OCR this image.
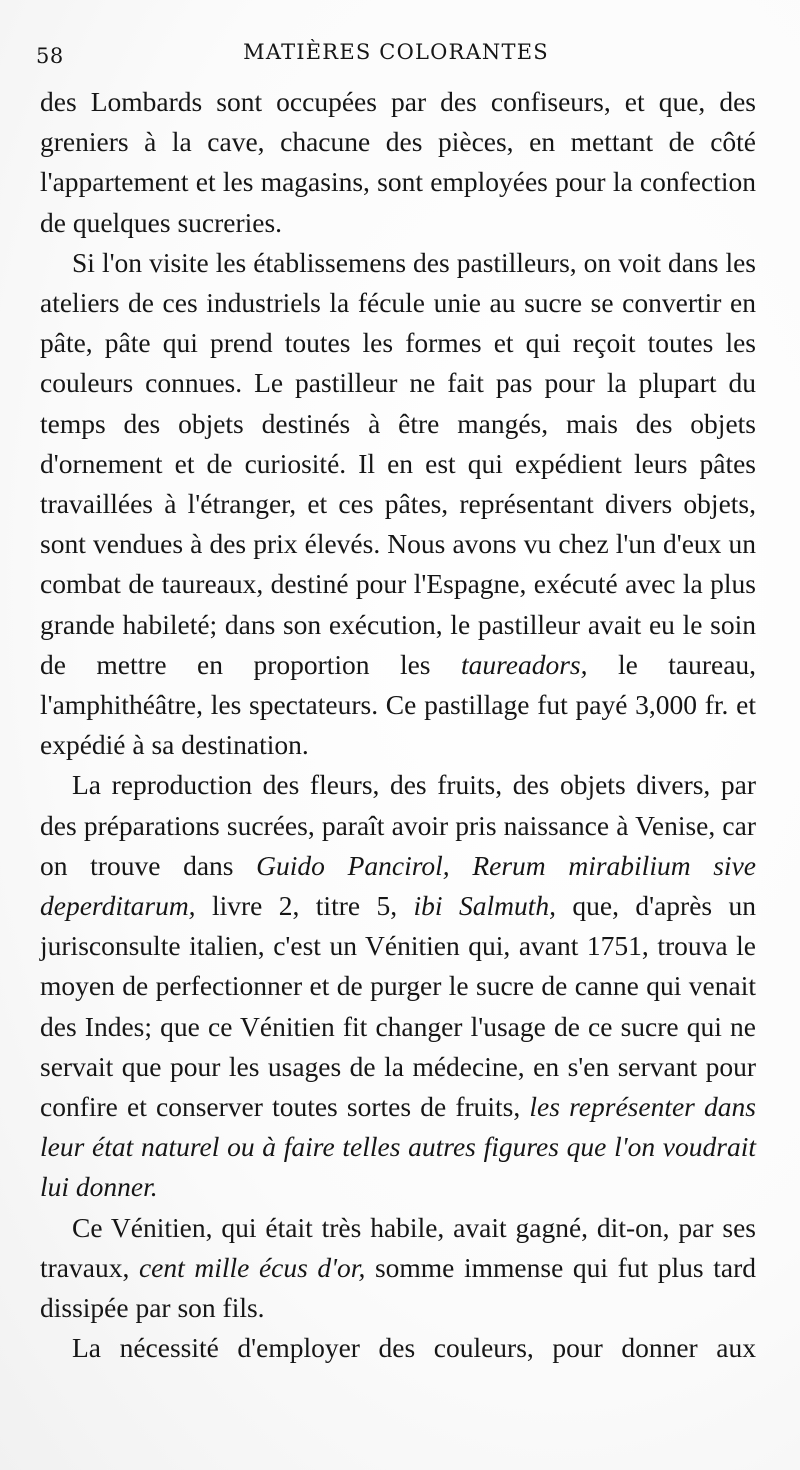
58	MATIÈRES COLORANTES

des Lombards sont occupées par des confiseurs, et que, des greniers à la cave, chacune des pièces, en mettant de côté l'appartement et les magasins, sont employées pour la confection de quelques sucreries.

Si l'on visite les établissemens des pastilleurs, on voit dans les ateliers de ces industriels la fécule unie au sucre se convertir en pâte, pâte qui prend toutes les formes et qui reçoit toutes les couleurs connues. Le pastilleur ne fait pas pour la plupart du temps des objets destinés à être mangés, mais des objets d'ornement et de curiosité. Il en est qui expédient leurs pâtes travaillées à l'étranger, et ces pâtes, représentant divers objets, sont vendues à des prix élevés. Nous avons vu chez l'un d'eux un combat de taureaux, destiné pour l'Espagne, exécuté avec la plus grande habileté; dans son exécution, le pastilleur avait eu le soin de mettre en proportion les taureadors, le taureau, l'amphithéâtre, les spectateurs. Ce pastillage fut payé 3,000 fr. et expédié à sa destination.

La reproduction des fleurs, des fruits, des objets divers, par des préparations sucrées, paraît avoir pris naissance à Venise, car on trouve dans Guido Pancirol, Rerum mirabilium sive deperditarum, livre 2, titre 5, ibi Salmuth, que, d'après un jurisconsulte italien, c'est un Vénitien qui, avant 1751, trouva le moyen de perfectionner et de purger le sucre de canne qui venait des Indes; que ce Vénitien fit changer l'usage de ce sucre qui ne servait que pour les usages de la médecine, en s'en servant pour confire et conserver toutes sortes de fruits, les représenter dans leur état naturel ou à faire telles autres figures que l'on voudrait lui donner.

Ce Vénitien, qui était très habile, avait gagné, dit-on, par ses travaux, cent mille écus d'or, somme immense qui fut plus tard dissipée par son fils.

La nécessité d'employer des couleurs, pour donner aux
